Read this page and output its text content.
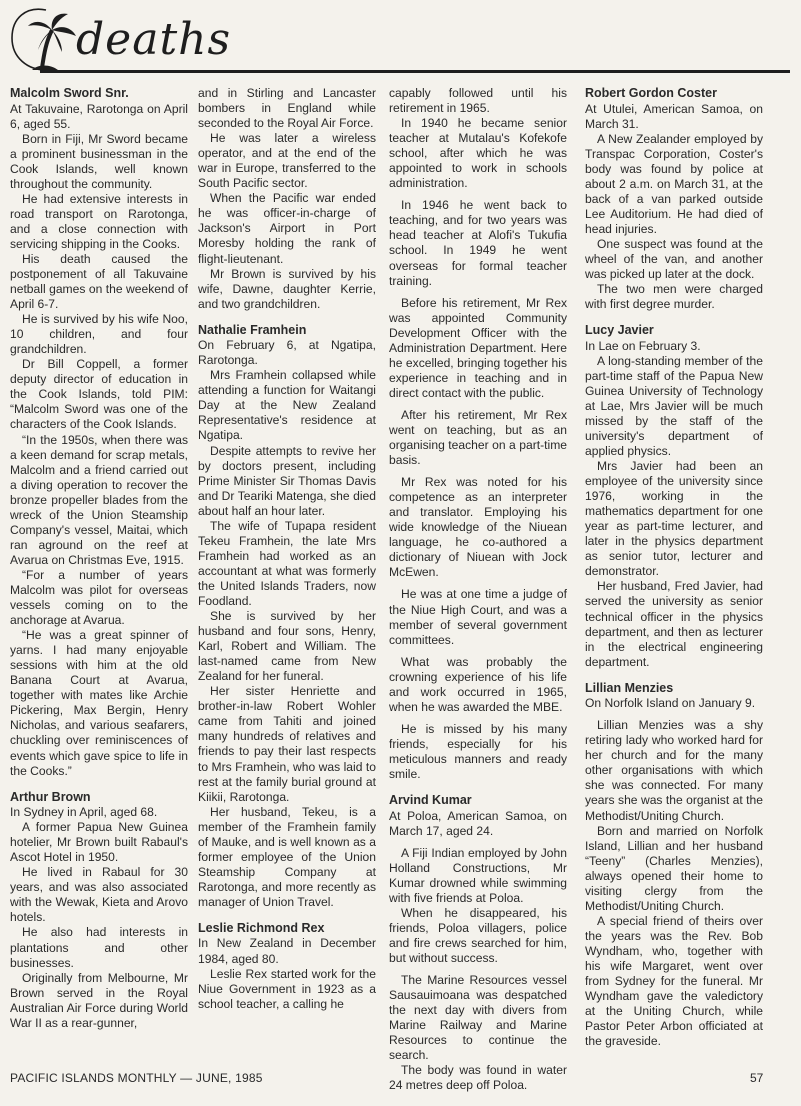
deaths
Malcolm Sword Snr.

At Takuvaine, Rarotonga on April 6, aged 55.

Born in Fiji, Mr Sword became a prominent businessman in the Cook Islands, well known throughout the community.

He had extensive interests in road transport on Rarotonga, and a close connection with servicing shipping in the Cooks.

His death caused the postponement of all Takuvaine netball games on the weekend of April 6-7.

He is survived by his wife Noo, 10 children, and four grandchildren.

Dr Bill Coppell, a former deputy director of education in the Cook Islands, told PIM: “Malcolm Sword was one of the characters of the Cook Islands.

“In the 1950s, when there was a keen demand for scrap metals, Malcolm and a friend carried out a diving operation to recover the bronze propeller blades from the wreck of the Union Steamship Company's vessel, Maitai, which ran aground on the reef at Avarua on Christmas Eve, 1915.

“For a number of years Malcolm was pilot for overseas vessels coming on to the anchorage at Avarua.

“He was a great spinner of yarns. I had many enjoyable sessions with him at the old Banana Court at Avarua, together with mates like Archie Pickering, Max Bergin, Henry Nicholas, and various seafarers, chuckling over reminiscences of events which gave spice to life in the Cooks.”

Arthur Brown

In Sydney in April, aged 68.

A former Papua New Guinea hotelier, Mr Brown built Rabaul's Ascot Hotel in 1950.

He lived in Rabaul for 30 years, and was also associated with the Wewak, Kieta and Arovo hotels.

He also had interests in plantations and other businesses.

Originally from Melbourne, Mr Brown served in the Royal Australian Air Force during World War II as a rear-gunner,

and in Stirling and Lancaster bombers in England while seconded to the Royal Air Force.

He was later a wireless operator, and at the end of the war in Europe, transferred to the South Pacific sector.

When the Pacific war ended he was officer-in-charge of Jackson's Airport in Port Moresby holding the rank of flight-lieutenant.

Mr Brown is survived by his wife, Dawne, daughter Kerrie, and two grandchildren.

Nathalie Framhein

On February 6, at Ngatipa, Rarotonga.

Mrs Framhein collapsed while attending a function for Waitangi Day at the New Zealand Representative's residence at Ngatipa.

Despite attempts to revive her by doctors present, including Prime Minister Sir Thomas Davis and Dr Teariki Matenga, she died about half an hour later.

The wife of Tupapa resident Tekeu Framhein, the late Mrs Framhein had worked as an accountant at what was formerly the United Islands Traders, now Foodland.

She is survived by her husband and four sons, Henry, Karl, Robert and William. The last-named came from New Zealand for her funeral.

Her sister Henriette and brother-in-law Robert Wohler came from Tahiti and joined many hundreds of relatives and friends to pay their last respects to Mrs Framhein, who was laid to rest at the family burial ground at Kiikii, Rarotonga.

Her husband, Tekeu, is a member of the Framhein family of Mauke, and is well known as a former employee of the Union Steamship Company at Rarotonga, and more recently as manager of Union Travel.

Leslie Richmond Rex

In New Zealand in December 1984, aged 80.

Leslie Rex started work for the Niue Government in 1923 as a school teacher, a calling he

capably followed until his retirement in 1965.

In 1940 he became senior teacher at Mutalau's Kofekofe school, after which he was appointed to work in schools administration.

In 1946 he went back to teaching, and for two years was head teacher at Alofi's Tukufia school. In 1949 he went overseas for formal teacher training.

Before his retirement, Mr Rex was appointed Community Development Officer with the Administration Department. Here he excelled, bringing together his experience in teaching and in direct contact with the public.

After his retirement, Mr Rex went on teaching, but as an organising teacher on a part-time basis.

Mr Rex was noted for his competence as an interpreter and translator. Employing his wide knowledge of the Niuean language, he co-authored a dictionary of Niuean with Jock McEwen.

He was at one time a judge of the Niue High Court, and was a member of several government committees.

What was probably the crowning experience of his life and work occurred in 1965, when he was awarded the MBE.

He is missed by his many friends, especially for his meticulous manners and ready smile.

Arvind Kumar

At Poloa, American Samoa, on March 17, aged 24.

A Fiji Indian employed by John Holland Constructions, Mr Kumar drowned while swimming with five friends at Poloa.

When he disappeared, his friends, Poloa villagers, police and fire crews searched for him, but without success.

The Marine Resources vessel Sausauimoana was despatched the next day with divers from Marine Railway and Marine Resources to continue the search.

The body was found in water 24 metres deep off Poloa.

Robert Gordon Coster

At Utulei, American Samoa, on March 31.

A New Zealander employed by Transpac Corporation, Coster's body was found by police at about 2 a.m. on March 31, at the back of a van parked outside Lee Auditorium. He had died of head injuries.

One suspect was found at the wheel of the van, and another was picked up later at the dock.

The two men were charged with first degree murder.

Lucy Javier

In Lae on February 3.

A long-standing member of the part-time staff of the Papua New Guinea University of Technology at Lae, Mrs Javier will be much missed by the staff of the university's department of applied physics.

Mrs Javier had been an employee of the university since 1976, working in the mathematics department for one year as part-time lecturer, and later in the physics department as senior tutor, lecturer and demonstrator.

Her husband, Fred Javier, had served the university as senior technical officer in the physics department, and then as lecturer in the electrical engineering department.

Lillian Menzies

On Norfolk Island on January 9.

Lillian Menzies was a shy retiring lady who worked hard for her church and for the many other organisations with which she was connected. For many years she was the organist at the Methodist/Uniting Church.

Born and married on Norfolk Island, Lillian and her husband “Teeny” (Charles Menzies), always opened their home to visiting clergy from the Methodist/Uniting Church.

A special friend of theirs over the years was the Rev. Bob Wyndham, who, together with his wife Margaret, went over from Sydney for the funeral. Mr Wyndham gave the valedictory at the Uniting Church, while Pastor Peter Arbon officiated at the graveside.

PACIFIC ISLANDS MONTHLY — JUNE, 1985	57
